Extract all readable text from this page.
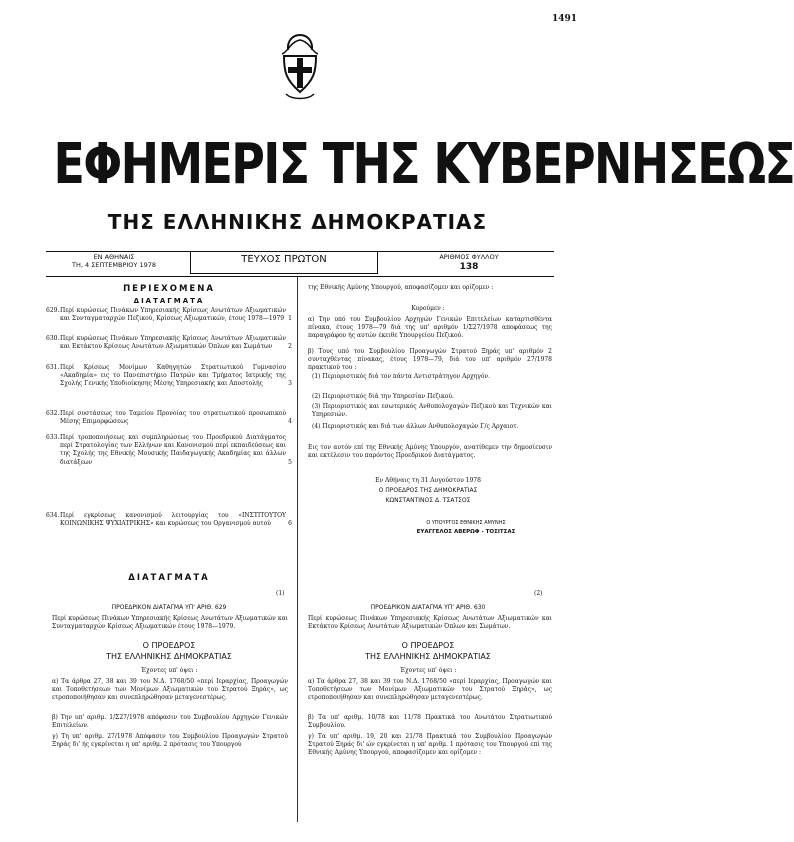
1491
ΕΦΗΜΕΡΙΣ ΤΗΣ ΚΥΒΕΡΝΗΣΕΩΣ
ΤΗΣ ΕΛΛΗΝΙΚΗΣ ΔΗΜΟΚΡΑΤΙΑΣ
ΕΝ ΑΘΗΝΑΙΣ
ΤΗ, 4 ΣΕΠΤΕΜΒΡΙΟΥ 1978	ΤΕΥΧΟΣ ΠΡΩΤΟΝ	ΑΡΙΘΜΟΣ ΦΥΛΛΟΥ
138
ΠΕΡΙΕΧΟΜΕΝΑ
ΔΙΑΤΑΓΜΑΤΑ
629. Περί κυρώσεως Πινάκων Υπηρεσιακής Κρίσεως Ανωτάτων Αξιωματικών και Συνταγματαρχών Πεζικού, Κρίσεως Αξιωματικών, έτους 1978—1979 1
630. Περί κυρώσεως Πινάκων Υπηρεσιακής Κρίσεως Ανωτάτων Αξιωματικών και Εκτάκτου Κρίσεως Ανωτάτων Αξιωματικών Όπλων και Σωμάτων	2
631. Περί Κρίσεως Μονίμων Καθηγητών Στρατιωτικού Γυμνασίου «Ακαδημία» εις το Πανεπιστήμιο Πατρών και Τμήματος Ιατρικής της Σχολής Γενικής Υποδιοίκησης Μέσης Υπηρεσιακής και Αποστολής	3
632. Περί συστάσεως του Ταμείου Προνοίας του στρατιωτικού προσωπικού Μέσης Επιμορφώσεως	4
633. Περί τροποποιήσεως και συμπληρώσεως του Προεδρικού Διατάγματος περί Στρατολογίας των Ελλήνων και Κανονισμού περί εκπαιδεύσεως και της Σχολής της Εθνικής Μουσικής Παιδαγωγικής Ακαδημίας και άλλων διατάξεων	5
634. Περί εγκρίσεως κανονισμού λειτουργίας του «ΙΝΣΤΙΤΟΥΤΟΥ ΚΟΙΝΩΝΙΚΗΣ ΨΥΧΙΑΤΡΙΚΗΣ» και κυρώσεως του Οργανισμού αυτού	6
ΔΙΑΤΑΓΜΑΤΑ
(1)
ΠΡΟΕΔΡΙΚΟΝ ΔΙΑΤΑΓΜΑ ΥΠ' ΑΡΙΘ. 629
Περί κυρώσεως Πινάκων Υπηρεσιακής Κρίσεως Ανωτάτων Αξιωματικών και Συνταγματαρχών Κρίσεως Αξιωματικών έτους 1978—1979.
Ο ΠΡΟΕΔΡΟΣ
ΤΗΣ ΕΛΛΗΝΙΚΗΣ ΔΗΜΟΚΡΑΤΙΑΣ
Έχοντες υπ' όψει :
α) Τα άρθρα 27, 38 και 39 του Ν.Δ. 1768/50 «περί Ιεραρχίας, Προαγωγών και Τοποθετήσεων των Μονίμων Αξιωματικών του Στρατού Ξηράς», ως ετροποποιήθησαν και συνεπληρώθησαν μεταγενεστέρως.
β) Την υπ' αριθμ. 1/Σ27/1978 απόφασιν του Συμβουλίου Αρχηγών Γενικών Επιτελείων.
γ) Τη υπ' αριθμ. 27/1978 Απόφασιν του Συμβουλίου Προαγωγών Στρατού Ξηράς δι' ής εγκρίνεται η υπ' αριθμ. 2 πρότασις του Υπουργού
της Εθνικής Αμύνης Υπουργού, αποφασίζομεν και ορίζομεν :
Κυρούμεν :
α) Την υπό του Συμβουλίου Αρχηγών Γενικών Επιτελείων καταρτισθέντα πίνακα, έτους 1978—79 διά της υπ' αριθμόν 1/Σ27/1978 αποφάσεως της παραγράφου ής αυτών έκειθε Υπουργείου Πεζικού.
β) Τους υπό του Συμβουλίου Προαγωγών Στρατού Ξηράς υπ' αριθμόν 2 συνταχθέντας πίνακας, έτους 1978—79, διά του υπ' αριθμόν 27/1978 πρακτικού του :
(1) Περιοριστικός διά τον πάντα Αντιστράτηγον Αρχηγόν.
(2) Περιοριστικός διά την Υπηρεσίαν Πεζικού.
(3) Περιοριστικός και εσωτερικός Ανθυπολοχαγών Πεζικού και Τεχνικών και Υπηρεσιών.
(4) Περιοριστικός και διά των άλλων Ανθυπολοχαγών Γ/ς Αρχαιοτ.
Εις τον αυτόν επί της Εθνικής Αμύνης Υπουργόν, ανατίθεμεν την δημοσίευσιν και εκτέλεσιν του παρόντος Προεδρικού Διατάγματος.
Εν Αθήναις τη 31 Αυγούστου 1978
Ο ΠΡΟΕΔΡΟΣ ΤΗΣ ΔΗΜΟΚΡΑΤΙΑΣ
ΚΩΝΣΤΑΝΤΙΝΟΣ Δ. ΤΣΑΤΣΟΣ
Ο ΥΠΟΥΡΓΟΣ ΕΘΝΙΚΗΣ ΑΜΥΝΗΣ
ΕΥΑΓΓΕΛΟΣ ΑΒΕΡΩΦ - ΤΟΣΙΤΣΑΣ
(2)
ΠΡΟΕΔΡΙΚΟΝ ΔΙΑΤΑΓΜΑ ΥΠ' ΑΡΙΘ. 630
Περί κυρώσεως Πινάκων Υπηρεσιακής Κρίσεως Ανωτάτων Αξιωματικών και Εκτάκτου Κρίσεως Ανωτάτων Αξιωματικών Όπλων και Σωμάτων.
Ο ΠΡΟΕΔΡΟΣ
ΤΗΣ ΕΛΛΗΝΙΚΗΣ ΔΗΜΟΚΡΑΤΙΑΣ
Έχοντες υπ' όψει :
α) Τα άρθρα 27, 38 και 39 του Ν.Δ. 1768/50 «περί Ιεραρχίας, Προαγωγών και Τοποθετήσεων των Μονίμων Αξιωματικών του Στρατού Ξηράς», ως ετροποποιήθησαν και συνεπληρώθησαν μεταγενεστέρως.
β) Τα υπ' αριθμ. 10/78 και 11/78 Πρακτικά του Ανωτάτου Στρατιωτικού Συμβουλίου.
γ) Τα υπ' αριθμ. 19, 20 και 21/78 Πρακτικά του Συμβουλίου Προαγωγών Στρατού Ξηράς δι' ών εγκρίνεται η υπ' αριθμ. 1 πρότασις του Υπουργού επί της Εθνικής Αμύνης Υπουργού, αποφασίζομεν και ορίζομεν :
